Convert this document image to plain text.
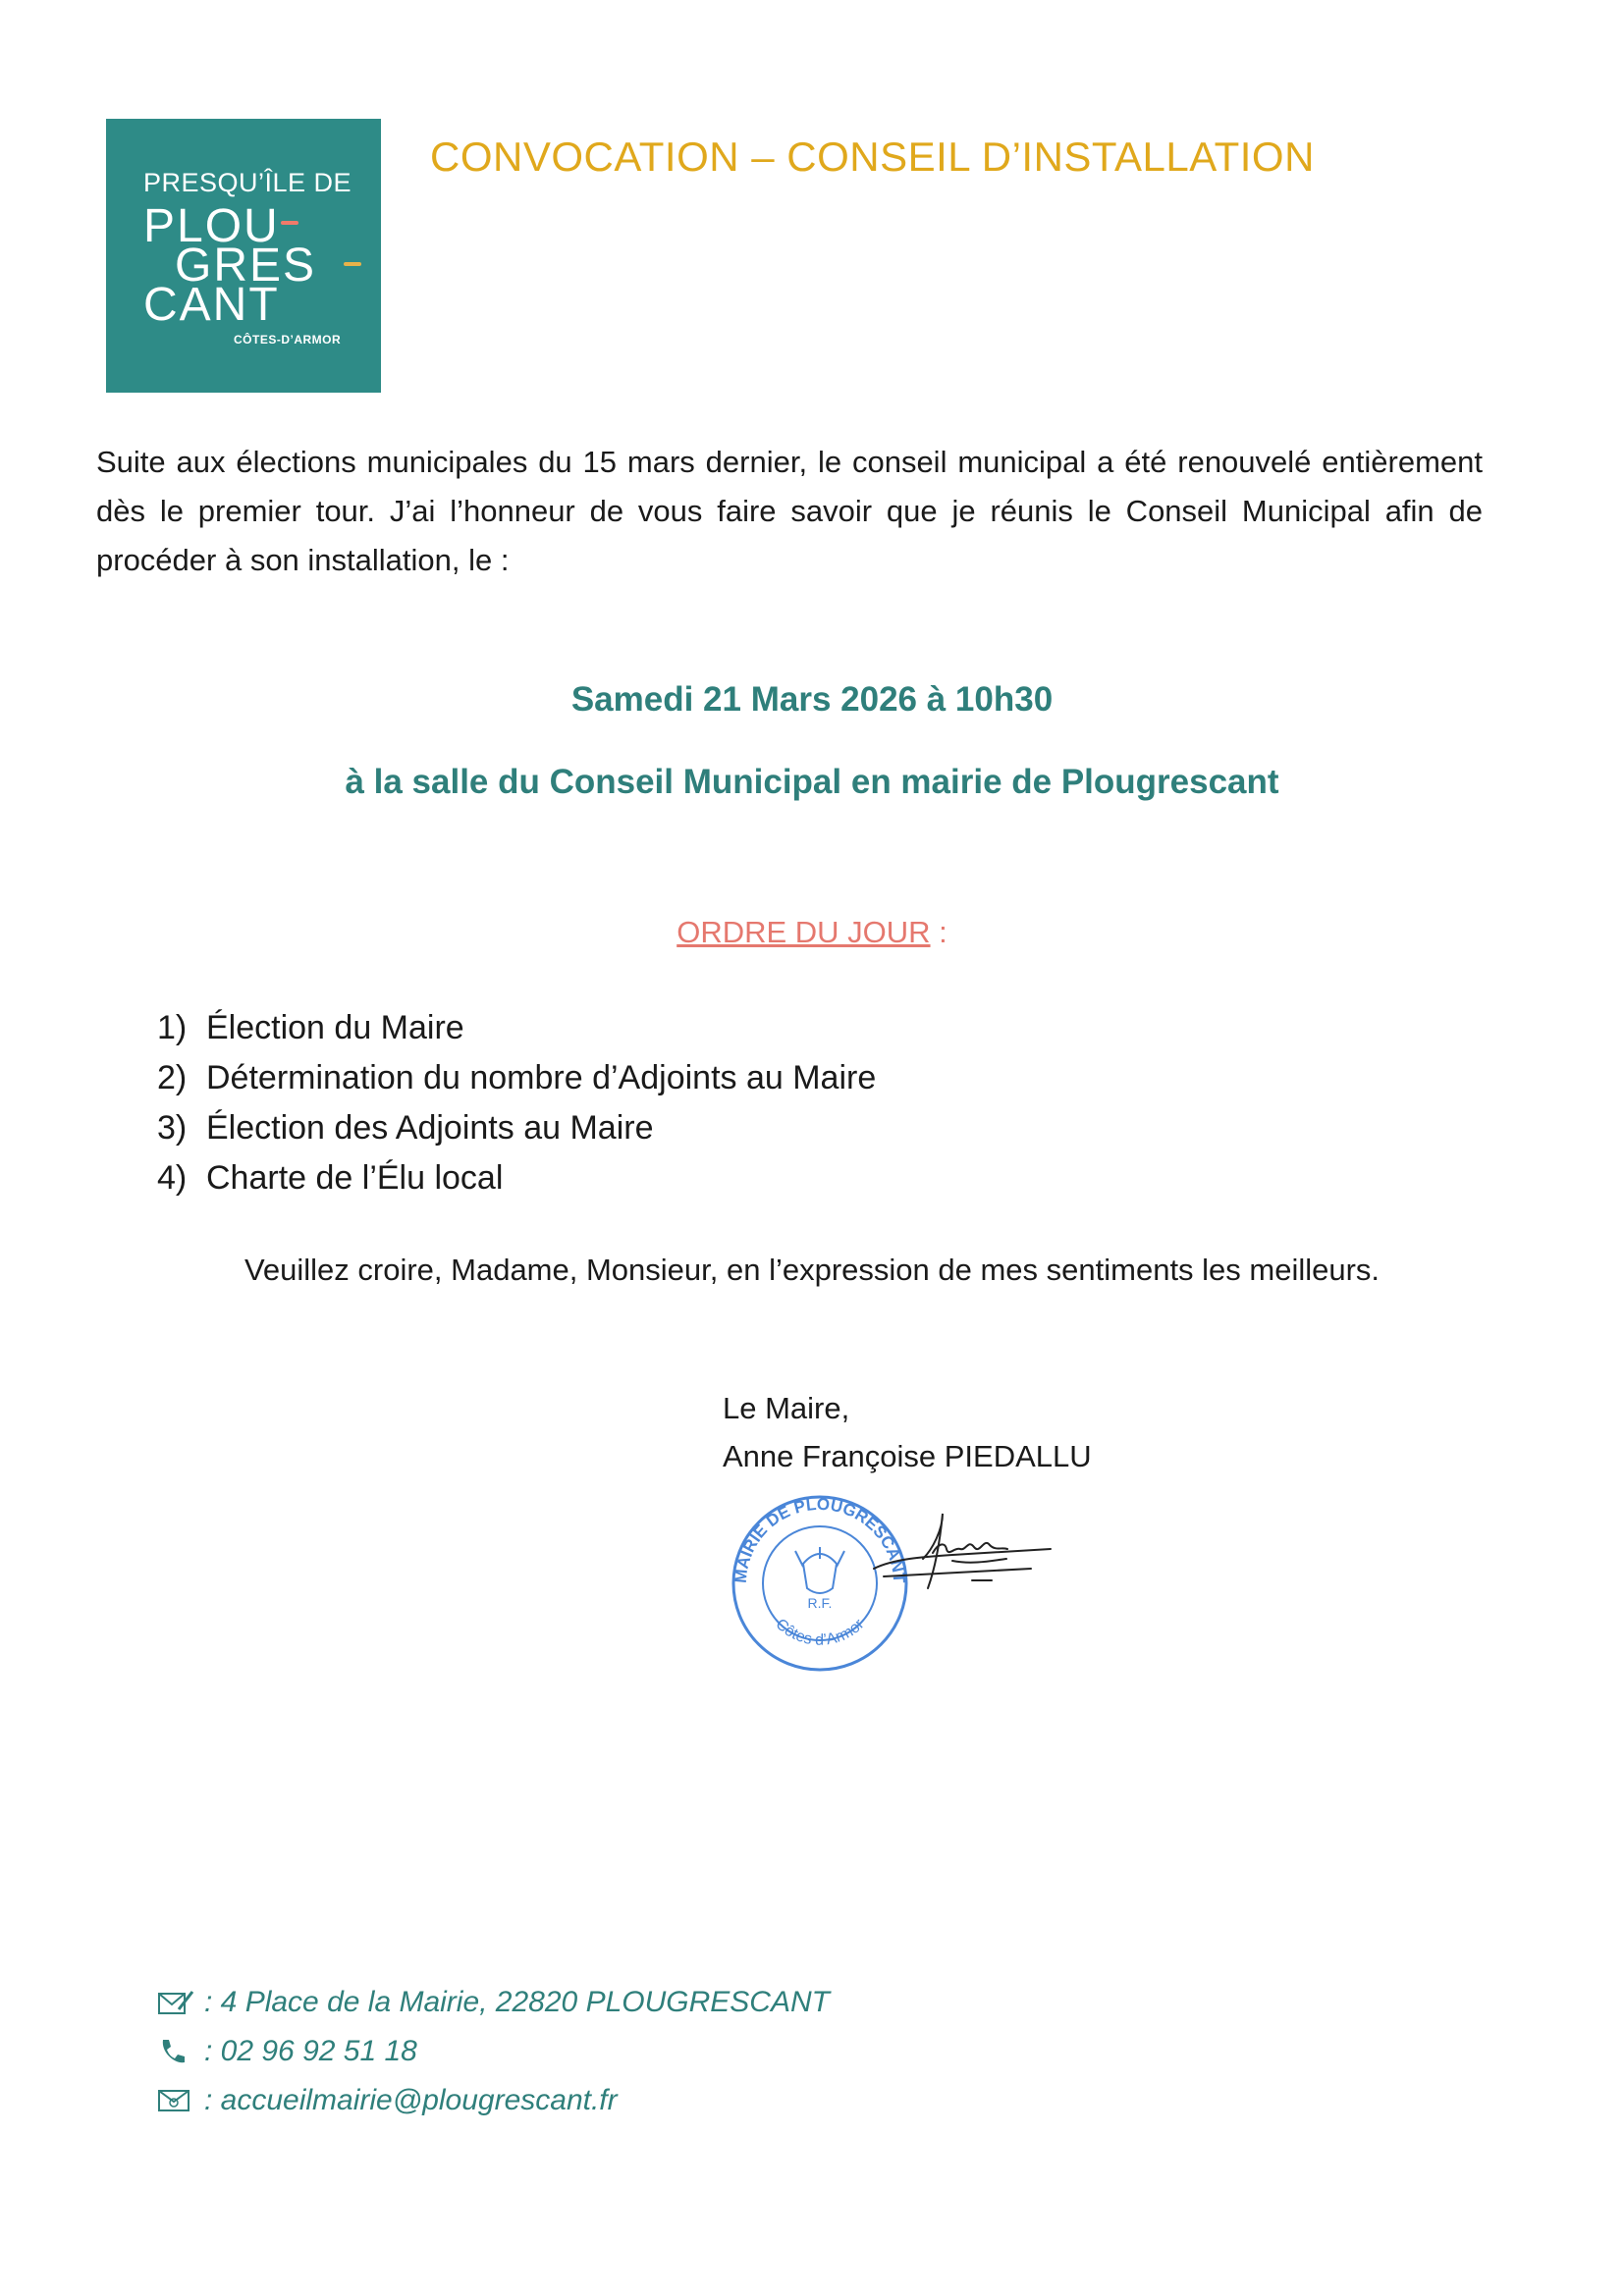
PRESQU’ÎLE DE
PLOU
GRES
CANT
CÔTES-D’ARMOR
CONVOCATION – CONSEIL D’INSTALLATION

Suite aux élections municipales du 15 mars dernier, le conseil municipal a été renouvelé entièrement dès le premier tour. J’ai l’honneur de vous faire savoir que je réunis le Conseil Municipal afin de procéder à son installation, le :

Samedi 21 Mars 2026 à 10h30
à la salle du Conseil Municipal en mairie de Plougrescant
ORDRE DU JOUR :
1) Élection du Maire
2) Détermination du nombre d’Adjoints au Maire
3) Élection des Adjoints au Maire
4) Charte de l’Élu local
Veuillez croire, Madame, Monsieur, en l’expression de mes sentiments les meilleurs.
Le Maire,
Anne Françoise PIEDALLU
MAIRIE DE PLOUGRESCANT
Côtes d’Armor
R.F.
: 4 Place de la Mairie, 22820 PLOUGRESCANT
: 02 96 92 51 18
: accueilmairie@plougrescant.fr
